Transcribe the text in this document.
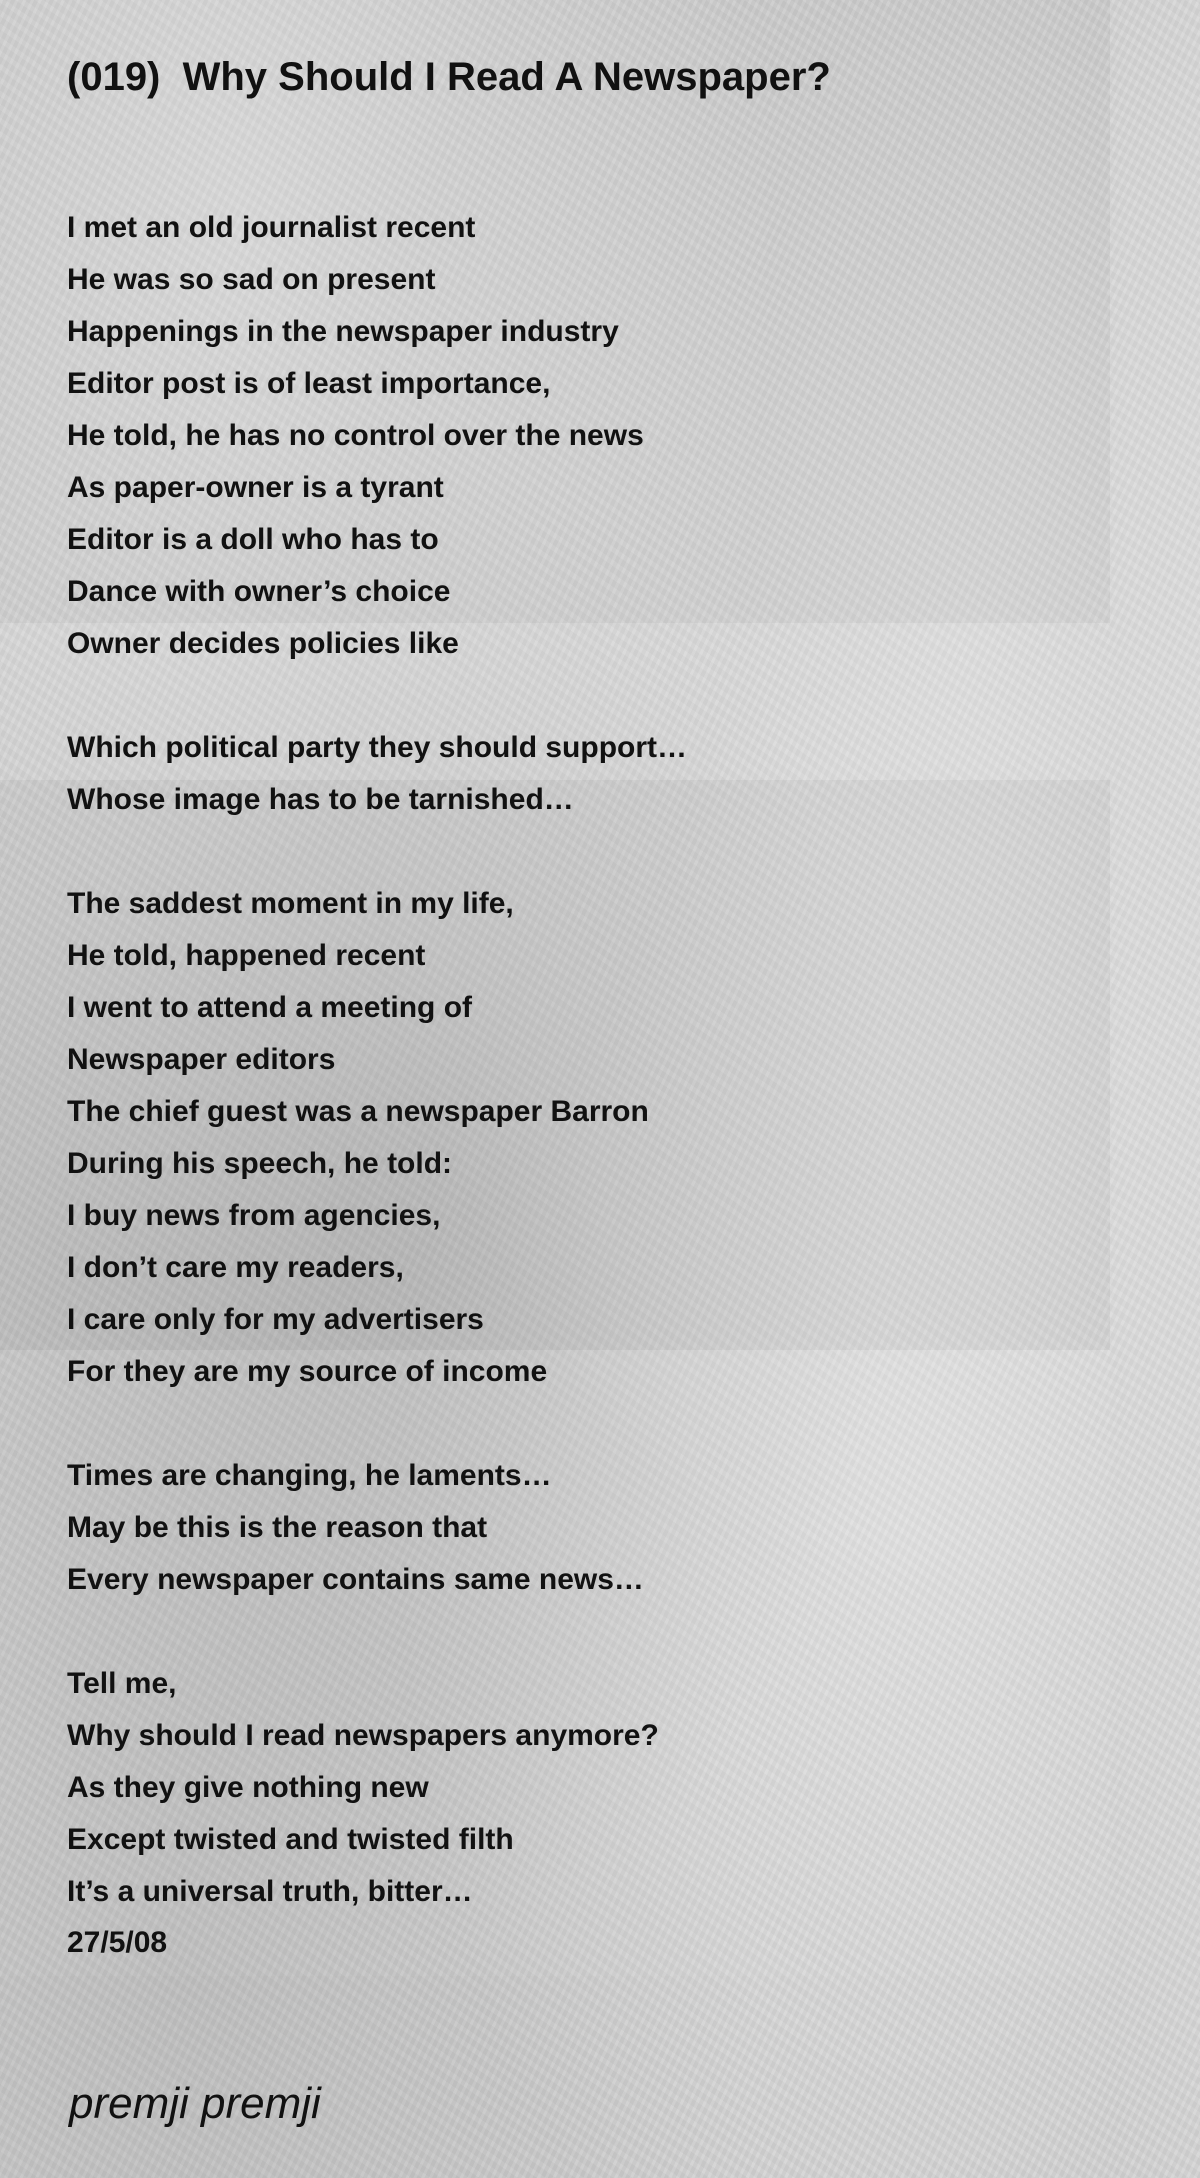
(019)  Why Should I Read A Newspaper?
I met an old journalist recent
He was so sad on present
Happenings in the newspaper industry
Editor post is of least importance,
He told, he has no control over the news
As paper-owner is a tyrant
Editor is a doll who has to
Dance with owner’s choice
Owner decides policies like
Which political party they should support…
Whose image has to be tarnished…
The saddest moment in my life,
He told, happened recent
I went to attend a meeting of
Newspaper editors
The chief guest was a newspaper Barron
During his speech, he told:
I buy news from agencies,
I don’t care my readers,
I care only for my advertisers
For they are my source of income
Times are changing, he laments…
May be this is the reason that
Every newspaper contains same news…
Tell me,
Why should I read newspapers anymore?
As they give nothing new
Except twisted and twisted filth
It’s a universal truth, bitter…
27/5/08
premji premji
